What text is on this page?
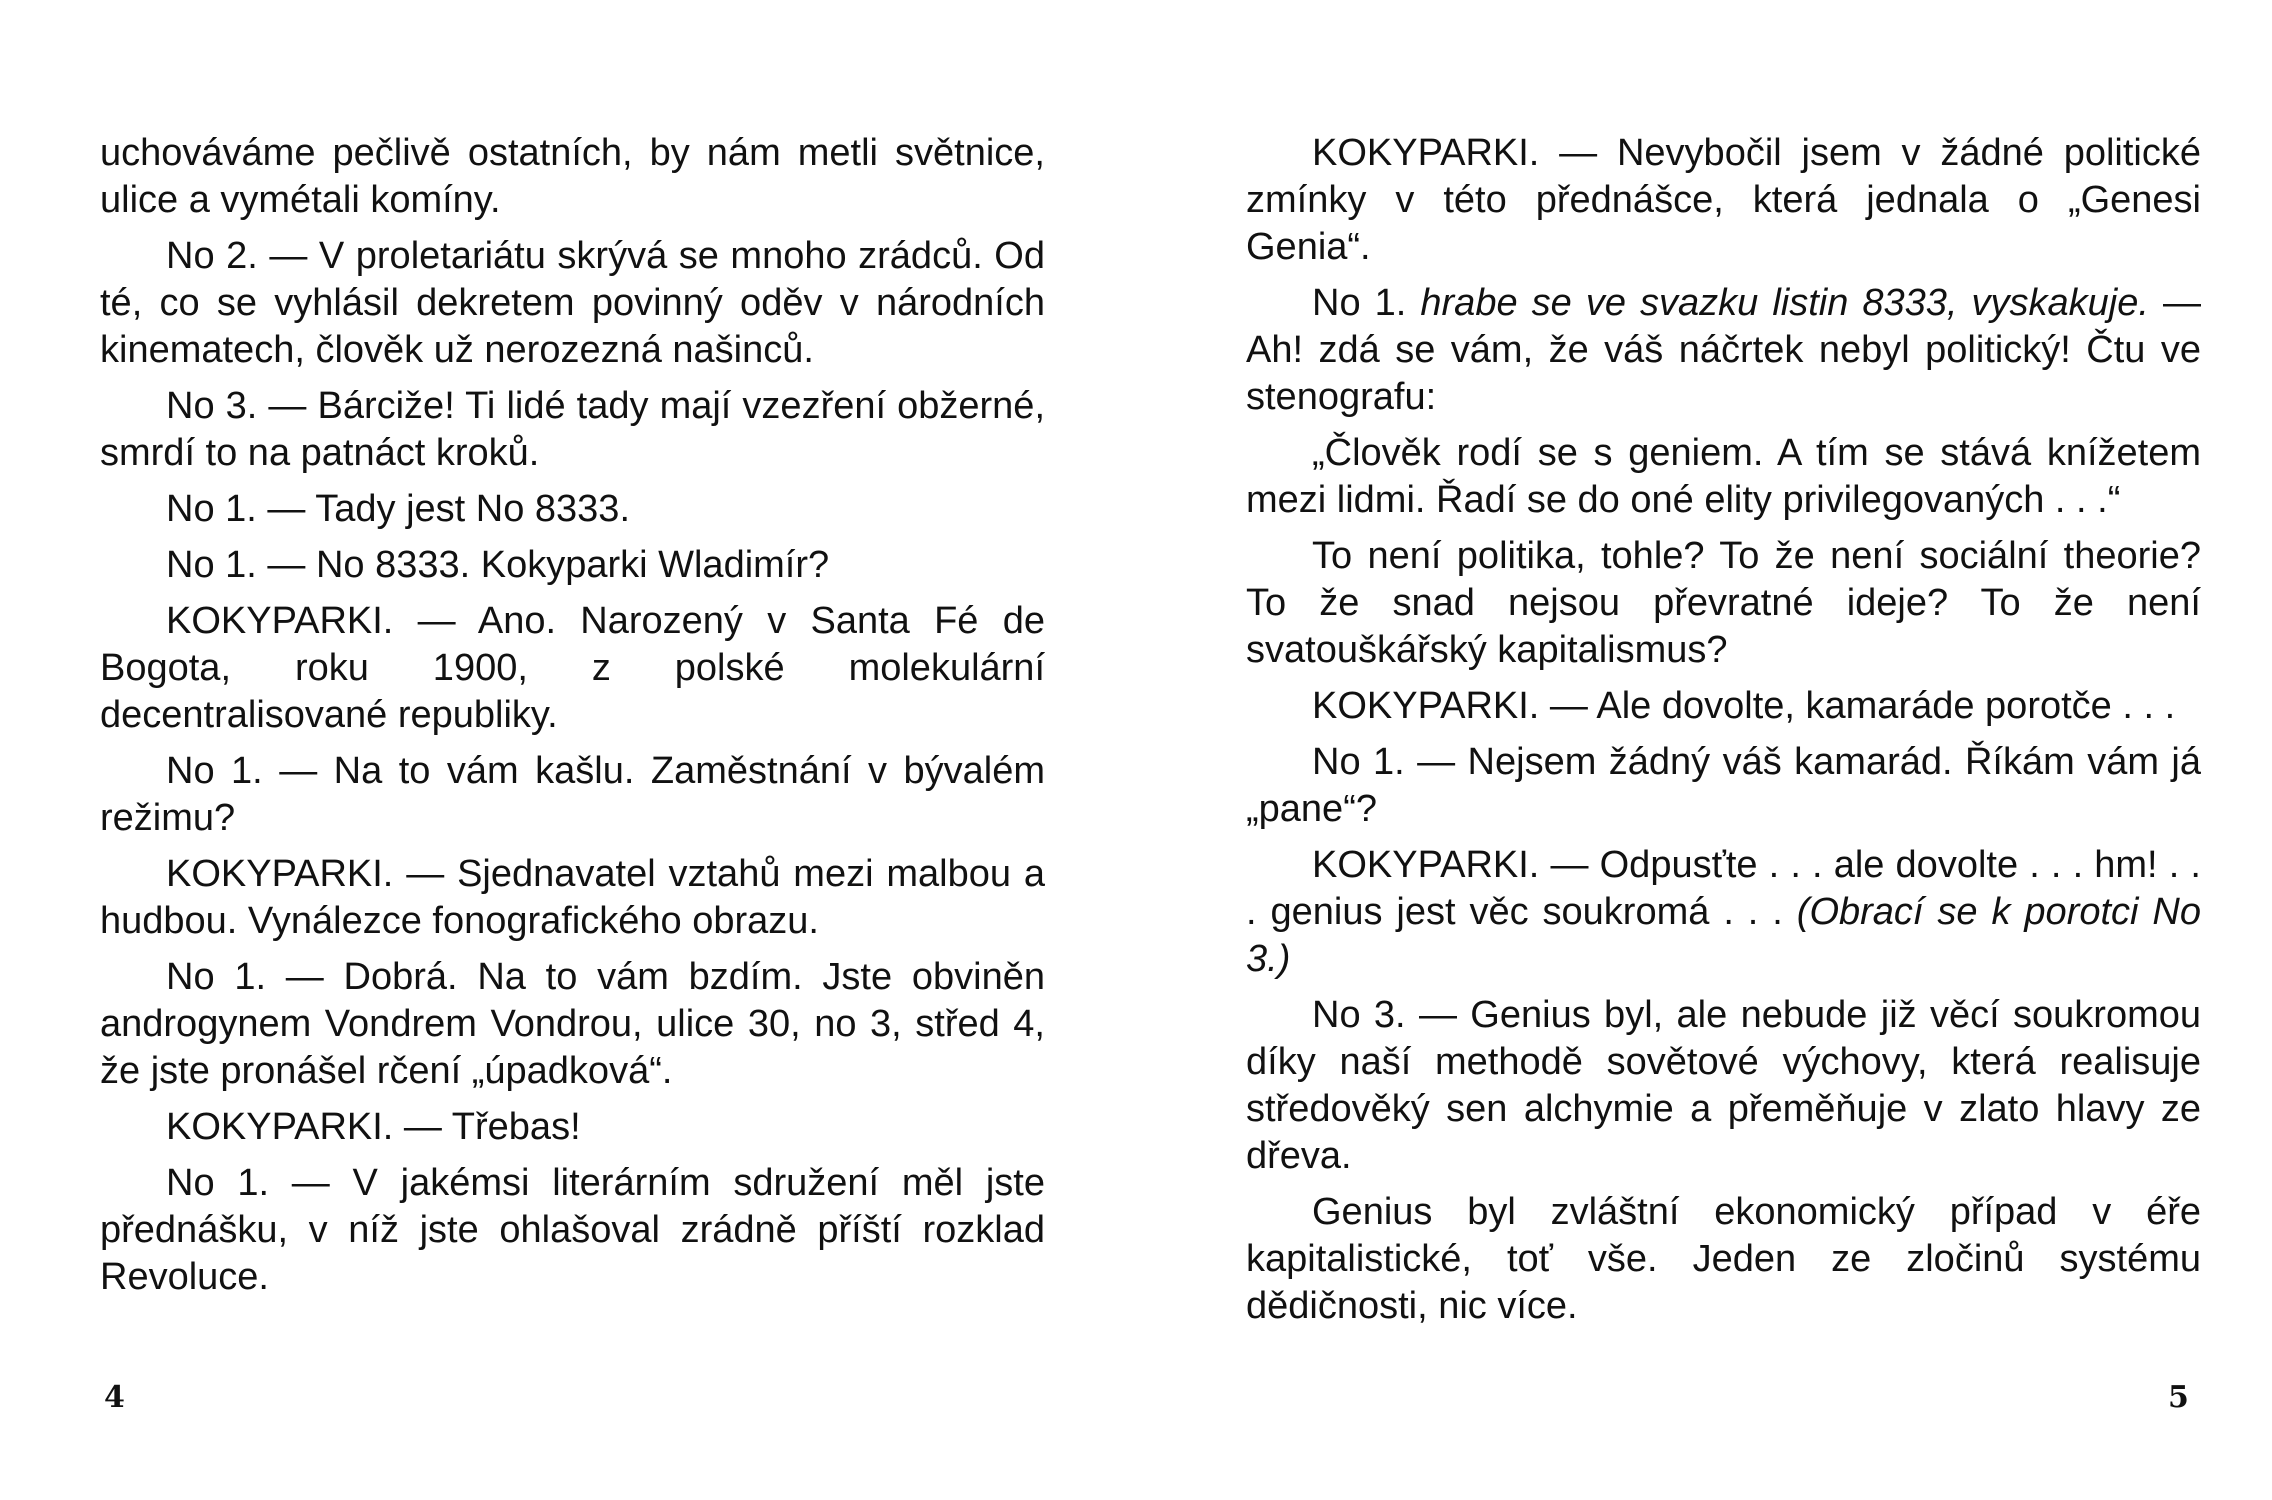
uchováváme pečlivě ostatních, by nám metli světnice, ulice a vymétali komíny.

No 2. — V proletariátu skrývá se mnoho zrádců. Od té, co se vyhlásil dekretem povinný oděv v národních kinematech, člověk už nerozezná našinců.

No 3. — Bárciže! Ti lidé tady mají vzezření obžerné, smrdí to na patnáct kroků.

No 1. — Tady jest No 8333.

No 1. — No 8333. Kokyparki Wladimír?

KOKYPARKI. — Ano. Narozený v Santa Fé de Bogota, roku 1900, z polské molekulární decentralisované republiky.

No 1. — Na to vám kašlu. Zaměstnání v bývalém režimu?

KOKYPARKI. — Sjednavatel vztahů mezi malbou a hudbou. Vynálezce fonografického obrazu.

No 1. — Dobrá. Na to vám bzdím. Jste obviněn androgynem Vondrem Vondrou, ulice 30, no 3, střed 4, že jste pronášel rčení „úpadková“.

KOKYPARKI. — Třebas!

No 1. — V jakémsi literárním sdružení měl jste přednášku, v níž jste ohlašoval zrádně příští rozklad Revoluce.

4

KOKYPARKI. — Nevybočil jsem v žádné politické zmínky v této přednášce, která jednala o „Genesi Genia“.

No 1. hrabe se ve svazku listin 8333, vyskakuje. — Ah! zdá se vám, že váš náčrtek nebyl politický! Čtu ve stenografu:

„Člověk rodí se s geniem. A tím se stává knížetem mezi lidmi. Řadí se do oné elity privilegovaných . . .“

To není politika, tohle? To že není sociální theorie? To že snad nejsou převratné ideje? To že není svatouškářský kapitalismus?

KOKYPARKI. — Ale dovolte, kamaráde porotče . . .

No 1. — Nejsem žádný váš kamarád. Říkám vám já „pane“?

KOKYPARKI. — Odpusťte . . . ale dovolte . . . hm! . . . genius jest věc soukromá . . . (Obrací se k porotci No 3.)

No 3. — Genius byl, ale nebude již věcí soukromou díky naší methodě sovětové výchovy, která realisuje středověký sen alchymie a přeměňuje v zlato hlavy ze dřeva.

Genius byl zvláštní ekonomický případ v éře kapitalistické, toť vše. Jeden ze zločinů systému dědičnosti, nic více.

5
